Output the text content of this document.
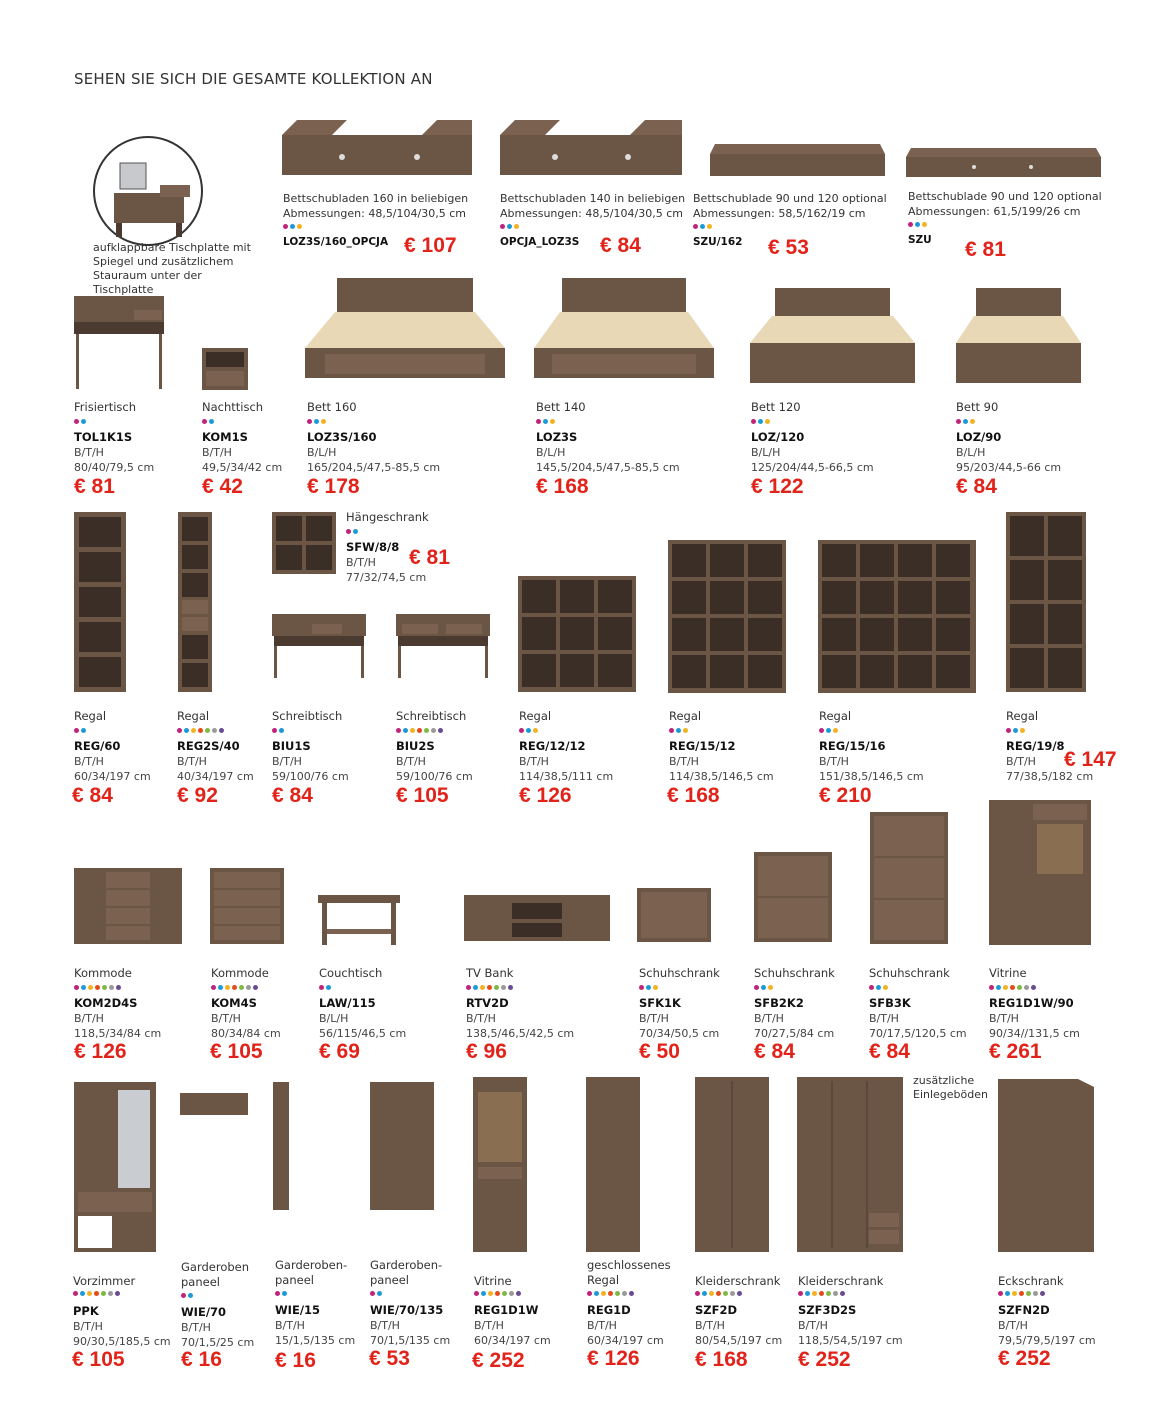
SEHEN SIE SICH DIE GESAMTE KOLLEKTION AN
aufklappbare Tischplatte mit Spiegel und zusätzlichem Stauraum unter der Tischplatte
Bettschubladen 160 in beliebigen Abmessungen: 48,5/104/30,5 cm
LOZ3S/160_OPCJA € 107
Bettschubladen 140 in beliebigen Abmessungen: 48,5/104/30,5 cm
OPCJA_LOZ3S € 84
Bettschublade 90 und 120 optional Abmessungen: 58,5/162/19 cm
SZU/162 € 53
Bettschublade 90 und 120 optional Abmessungen: 61,5/199/26 cm
SZU € 81
Frisiertisch
TOL1K1S
B/T/H
80/40/79,5 cm
€ 81
Nachttisch
KOM1S
B/T/H
49,5/34/42 cm
€ 42
Bett 160
LOZ3S/160
B/L/H
165/204,5/47,5-85,5 cm
€ 178
Bett 140
LOZ3S
B/L/H
145,5/204,5/47,5-85,5 cm
€ 168
Bett 120
LOZ/120
B/L/H
125/204/44,5-66,5 cm
€ 122
Bett 90
LOZ/90
B/L/H
95/203/44,5-66 cm
€ 84
Hängeschrank
SFW/8/8
B/T/H
77/32/74,5 cm
€ 81
Regal
REG/60
B/T/H
60/34/197 cm
€ 84
Regal
REG2S/40
B/T/H
40/34/197 cm
€ 92
Schreibtisch
BIU1S
B/T/H
59/100/76 cm
€ 84
Schreibtisch
BIU2S
B/T/H
59/100/76 cm
€ 105
Regal
REG/12/12
B/T/H
114/38,5/111 cm
€ 126
Regal
REG/15/12
B/T/H
114/38,5/146,5 cm
€ 168
Regal
REG/15/16
B/T/H
151/38,5/146,5 cm
€ 210
Regal
REG/19/8
B/T/H
77/38,5/182 cm
€ 147
Kommode
KOM2D4S
B/T/H
118,5/34/84 cm
€ 126
Kommode
KOM4S
B/T/H
80/34/84 cm
€ 105
Couchtisch
LAW/115
B/L/H
56/115/46,5 cm
€ 69
TV Bank
RTV2D
B/T/H
138,5/46,5/42,5 cm
€ 96
Schuhschrank
SFK1K
B/T/H
70/34/50,5 cm
€ 50
Schuhschrank
SFB2K2
B/T/H
70/27,5/84 cm
€ 84
Schuhschrank
SFB3K
B/T/H
70/17,5/120,5 cm
€ 84
Vitrine
REG1D1W/90
B/T/H
90/34//131,5 cm
€ 261
zusätzliche Einlegeböden
Vorzimmer
PPK
B/T/H
90/30,5/185,5 cm
€ 105
Garderoben paneel
WIE/70
B/T/H
70/1,5/25 cm
€ 16
Garderoben- paneel
WIE/15
B/T/H
15/1,5/135 cm
€ 16
Garderoben- paneel
WIE/70/135
B/T/H
70/1,5/135 cm
€ 53
Vitrine
REG1D1W
B/T/H
60/34/197 cm
€ 252
geschlossenes Regal
REG1D
B/T/H
60/34/197 cm
€ 126
Kleiderschrank
SZF2D
B/T/H
80/54,5/197 cm
€ 168
Kleiderschrank
SZF3D2S
B/T/H
118,5/54,5/197 cm
€ 252
Eckschrank
SZFN2D
B/T/H
79,5/79,5/197 cm
€ 252
